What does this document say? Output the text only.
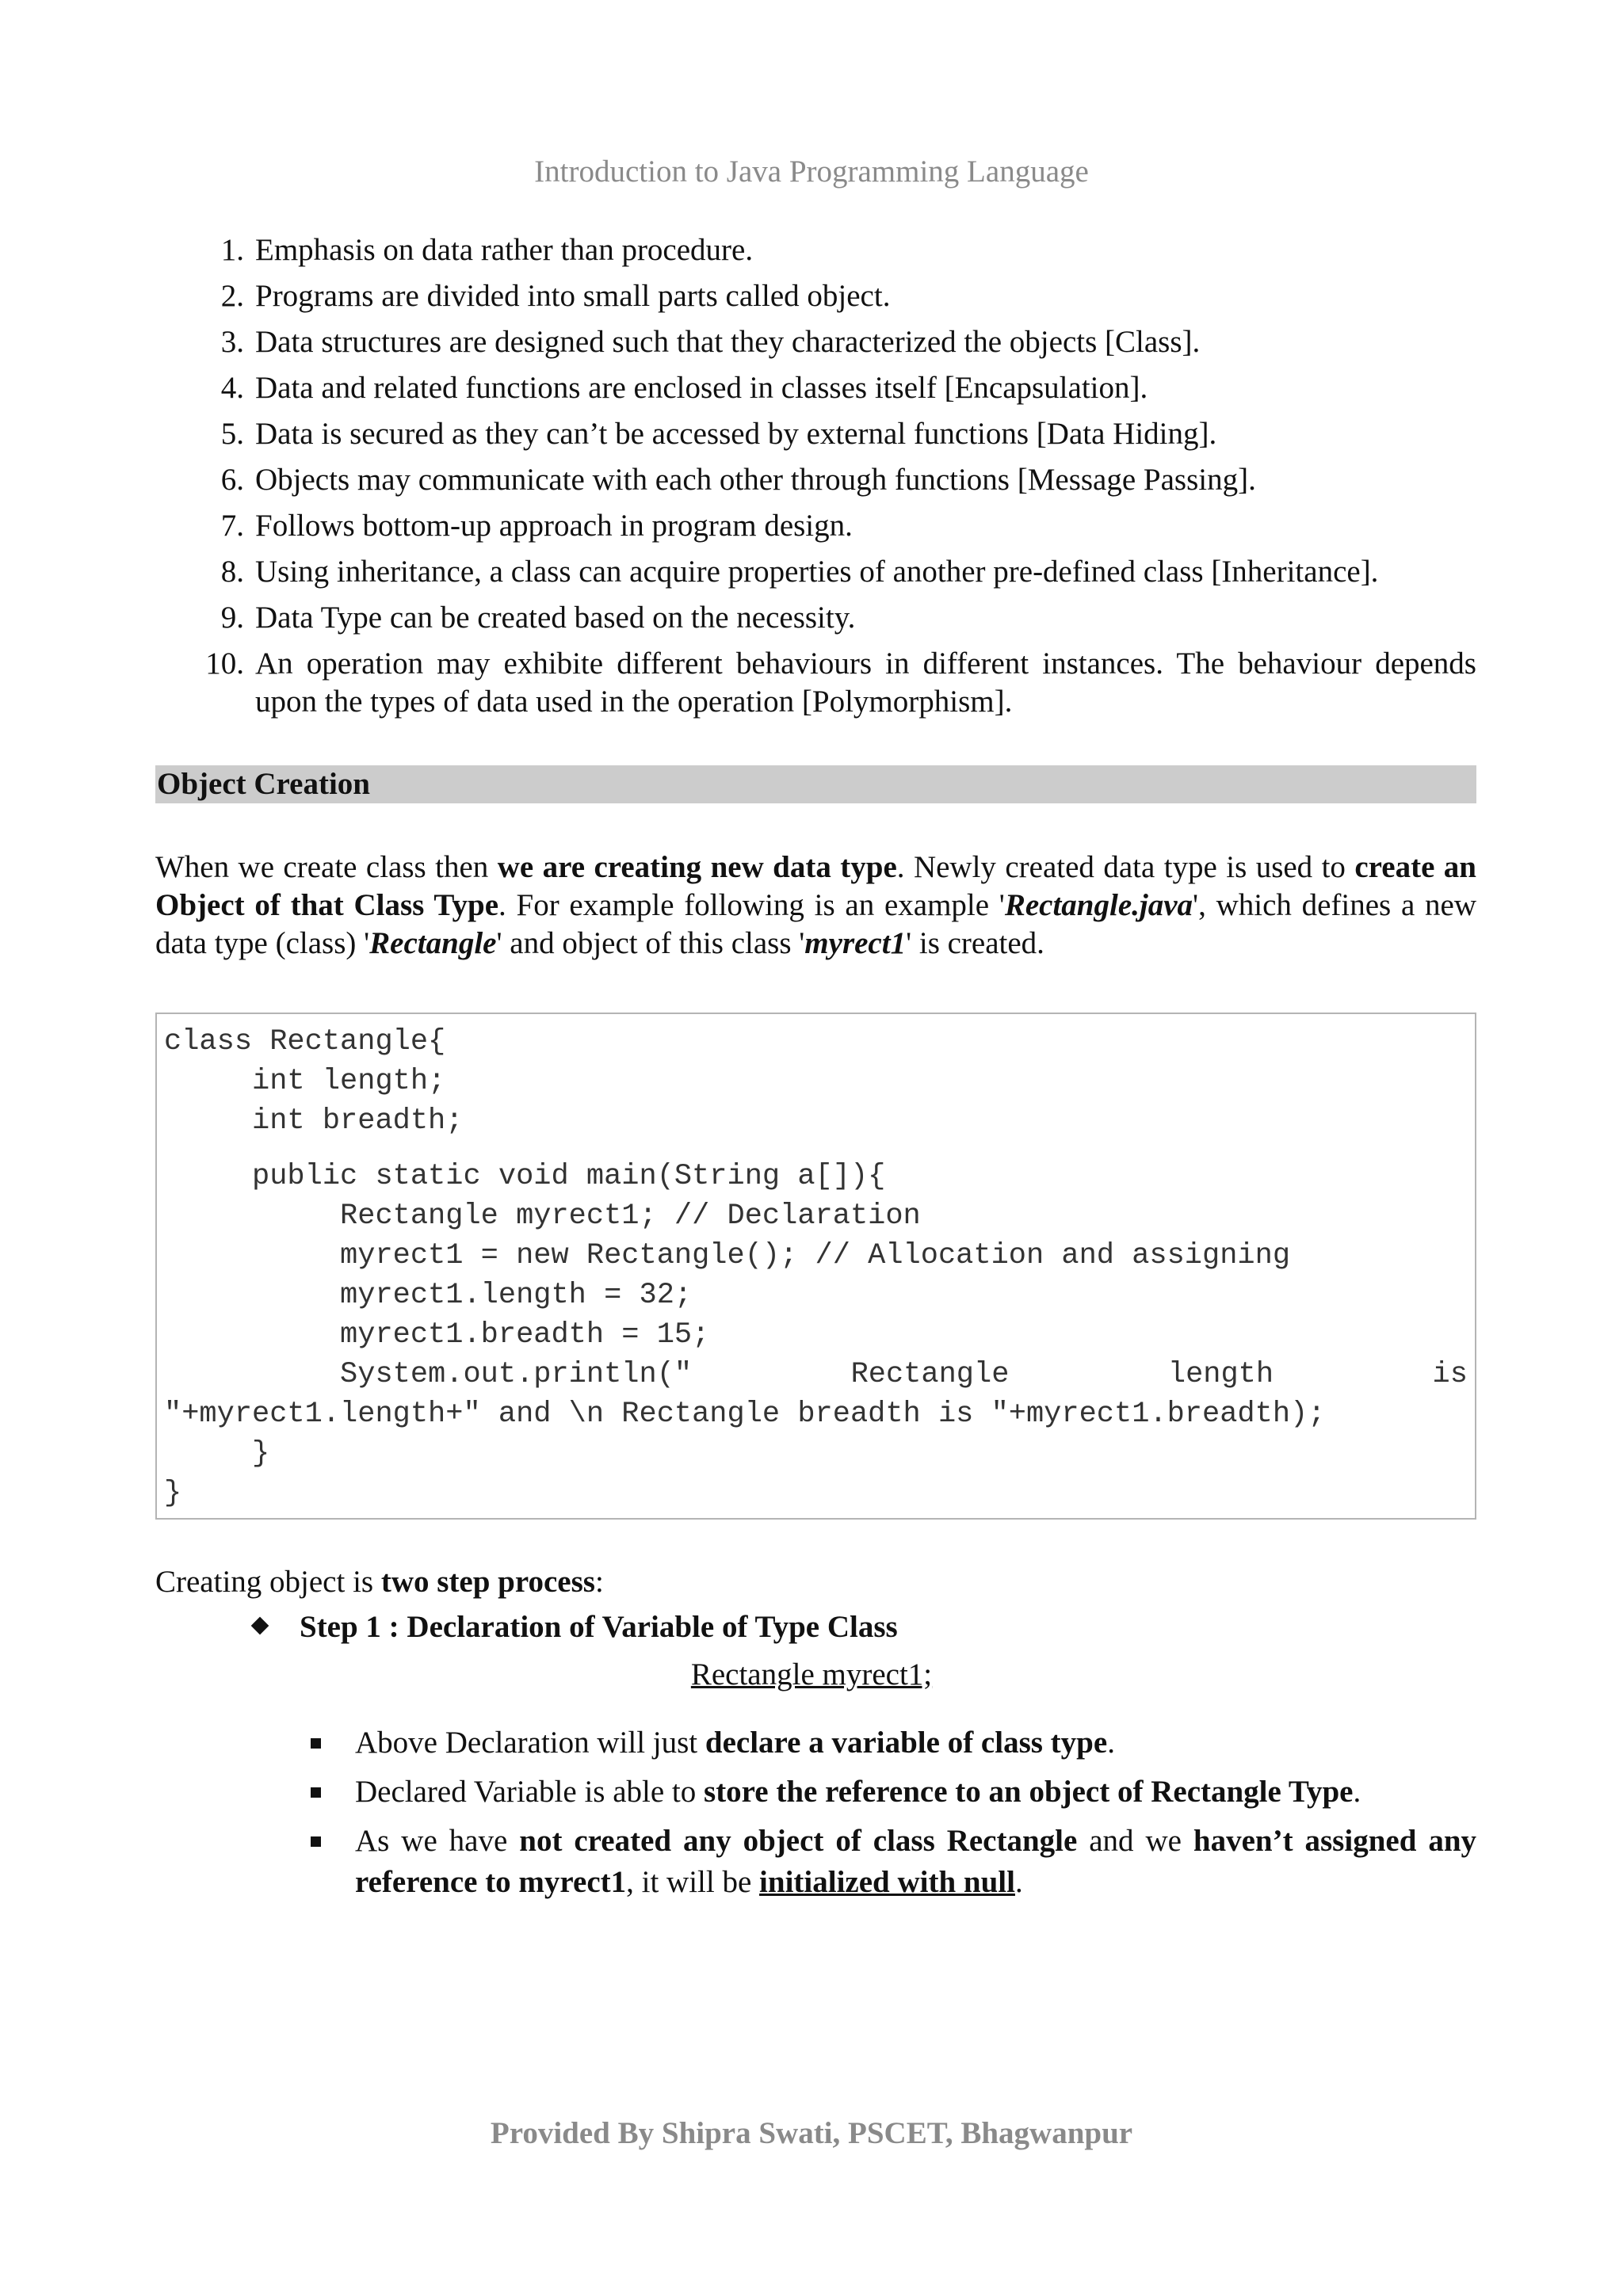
Introduction to Java Programming Language
1. Emphasis on data rather than procedure.
2. Programs are divided into small parts called object.
3. Data structures are designed such that they characterized the objects [Class].
4. Data and related functions are enclosed in classes itself [Encapsulation].
5. Data is secured as they can’t be accessed by external functions [Data Hiding].
6. Objects may communicate with each other through functions [Message Passing].
7. Follows bottom-up approach in program design.
8. Using inheritance, a class can acquire properties of another pre-defined class [Inheritance].
9. Data Type can be created based on the necessity.
10. An operation may exhibite different behaviours in different instances. The behaviour depends upon the types of data used in the operation [Polymorphism].
Object Creation

When we create class then we are creating new data type. Newly created data type is used to create an Object of that Class Type. For example following is an example 'Rectangle.java', which defines a new data type (class) 'Rectangle' and object of this class 'myrect1' is created.

class Rectangle{
int length;
int breadth;
public static void main(String a[]){
Rectangle myrect1; // Declaration
myrect1 = new Rectangle(); // Allocation and assigning
myrect1.length = 32;
myrect1.breadth = 15;
System.out.println("	Rectangle	length	is
"+myrect1.length+" and \n Rectangle breadth is "+myrect1.breadth);
}
}

Creating object is two step process:

Step 1 : Declaration of Variable of Type Class
Rectangle myrect1;
Above Declaration will just declare a variable of class type.
Declared Variable is able to store the reference to an object of Rectangle Type.
As we have not created any object of class Rectangle and we haven’t assigned any reference to myrect1, it will be initialized with null.
Provided By Shipra Swati, PSCET, Bhagwanpur
